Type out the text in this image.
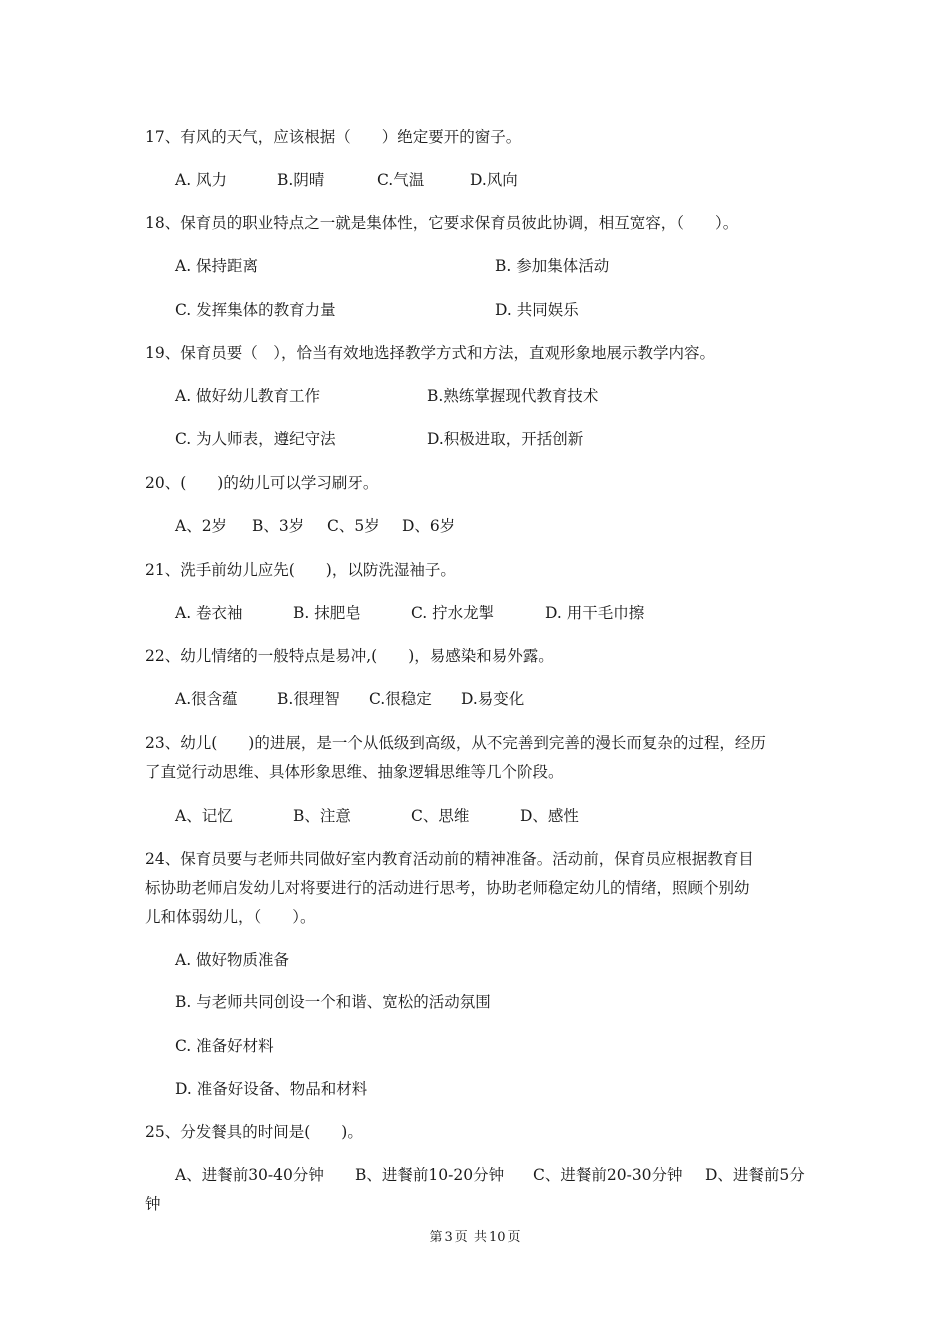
17、有风的天气，应该根据（　　）绝定要开的窗子。
A. 风力	B.阴晴	C.气温	D.风向
18、保育员的职业特点之一就是集体性，它要求保育员彼此协调，相互宽容，（　　）。
A. 保持距离	B. 参加集体活动
C. 发挥集体的教育力量	D. 共同娱乐
19、保育员要（　），恰当有效地选择教学方式和方法，直观形象地展示教学内容。
A. 做好幼儿教育工作	B.熟练掌握现代教育技术
C. 为人师表，遵纪守法	D.积极进取，开括创新
20、(　　)的幼儿可以学习刷牙。
A、2岁 B、3岁 C、5岁 D、6岁
21、洗手前幼儿应先(　　)，以防洗湿袖子。
A. 卷衣袖	B. 抹肥皂	C. 拧水龙掣	D. 用干毛巾擦
22、幼儿情绪的一般特点是易冲,(　　)，易感染和易外露。
A.很含蕴	B.很理智 C.很稳定 D.易变化
23、幼儿(　　)的进展，是一个从低级到高级，从不完善到完善的漫长而复杂的过程，经历
了直觉行动思维、具体形象思维、抽象逻辑思维等几个阶段。
A、记忆	B、注意	C、思维	D、感性
24、保育员要与老师共同做好室内教育活动前的精神准备。活动前，保育员应根据教育目
标协助老师启发幼儿对将要进行的活动进行思考，协助老师稳定幼儿的情绪，照顾个别幼
儿和体弱幼儿，（　　）。
A. 做好物质准备
B. 与老师共同创设一个和谐、宽松的活动氛围
C. 准备好材料
D. 准备好设备、物品和材料
25、分发餐具的时间是(　　)。
A、进餐前30-40分钟 B、进餐前10-20分钟 C、进餐前20-30分钟 D、进餐前5分
钟
第 3 页 共 10 页
